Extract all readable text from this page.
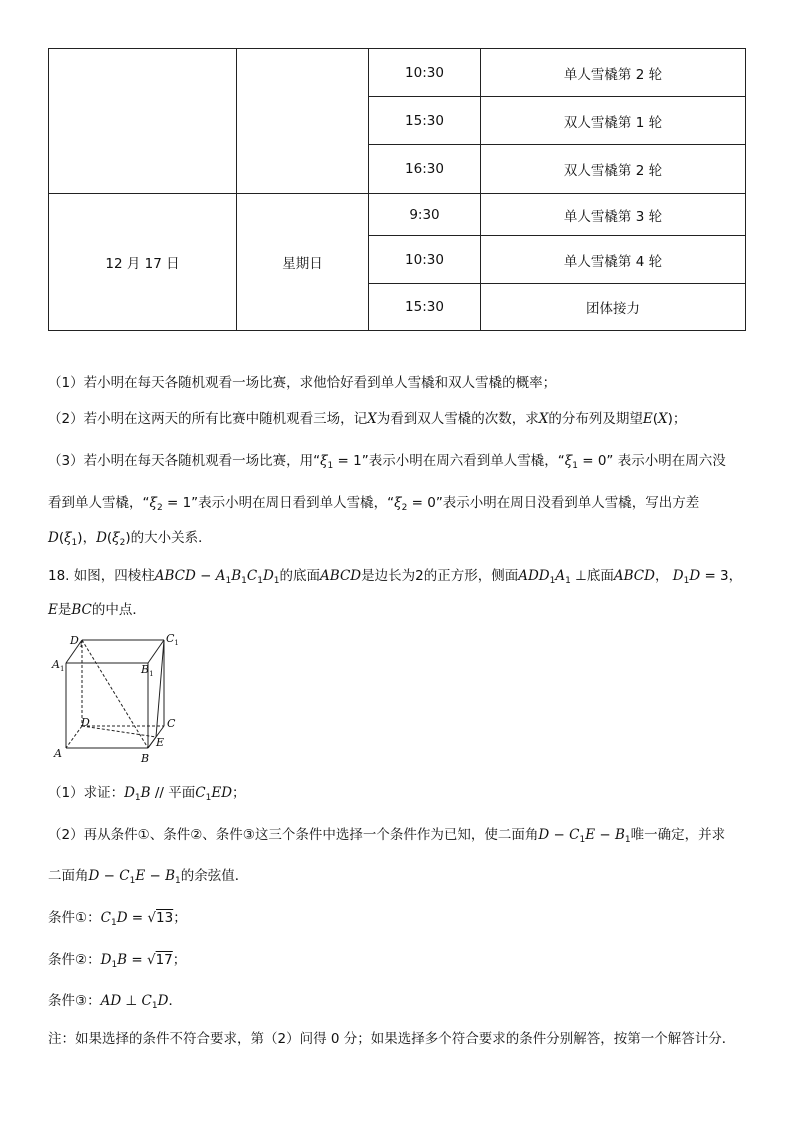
		10:30	单人雪橇第 2 轮
		15:30	双人雪橇第 1 轮
		16:30	双人雪橇第 2 轮
12 月 17 日	星期日	9:30	单人雪橇第 3 轮
		10:30	单人雪橇第 4 轮
		15:30	团体接力
（1）若小明在每天各随机观看一场比赛，求他恰好看到单人雪橇和双人雪橇的概率；
（2）若小明在这两天的所有比赛中随机观看三场，记X为看到双人雪橇的次数，求X的分布列及期望E(X)；
（3）若小明在每天各随机观看一场比赛，用“$\xi_1 = 1$”表示小明在周六看到单人雪橇，“$\xi_1 = 0$” 表示小明在周六没
看到单人雪橇，“$\xi_2 = 1$”表示小明在周日看到单人雪橇，“$\xi_2 = 0$”表示小明在周日没看到单人雪橇，写出方差
$D(\xi_1)$，$D(\xi_2)$的大小关系．
18. 如图，四棱柱ABCD − $A_1B_1C_1D_1$的底面ABCD是边长为2的正方形，侧面$ADD_1A_1$ ⊥底面ABCD， $D_1D = 3$，
E是BC的中点．
$D_1$	$C_1$
$A_1$	$B_1$
D	C
A	B
E
（1）求证：$D_1B$ // 平面$C_1ED$；
（2）再从条件①、条件②、条件③这三个条件中选择一个条件作为已知，使二面角$D - C_1E - B_1$唯一确定，并求
二面角$D - C_1E - B_1$的余弦值．
条件①：$C_1D = √13$；
条件②：$D_1B = √17$；
条件③：AD ⊥ $C_1D$．
注：如果选择的条件不符合要求，第（2）问得 0 分；如果选择多个符合要求的条件分别解答，按第一个解答计分．
